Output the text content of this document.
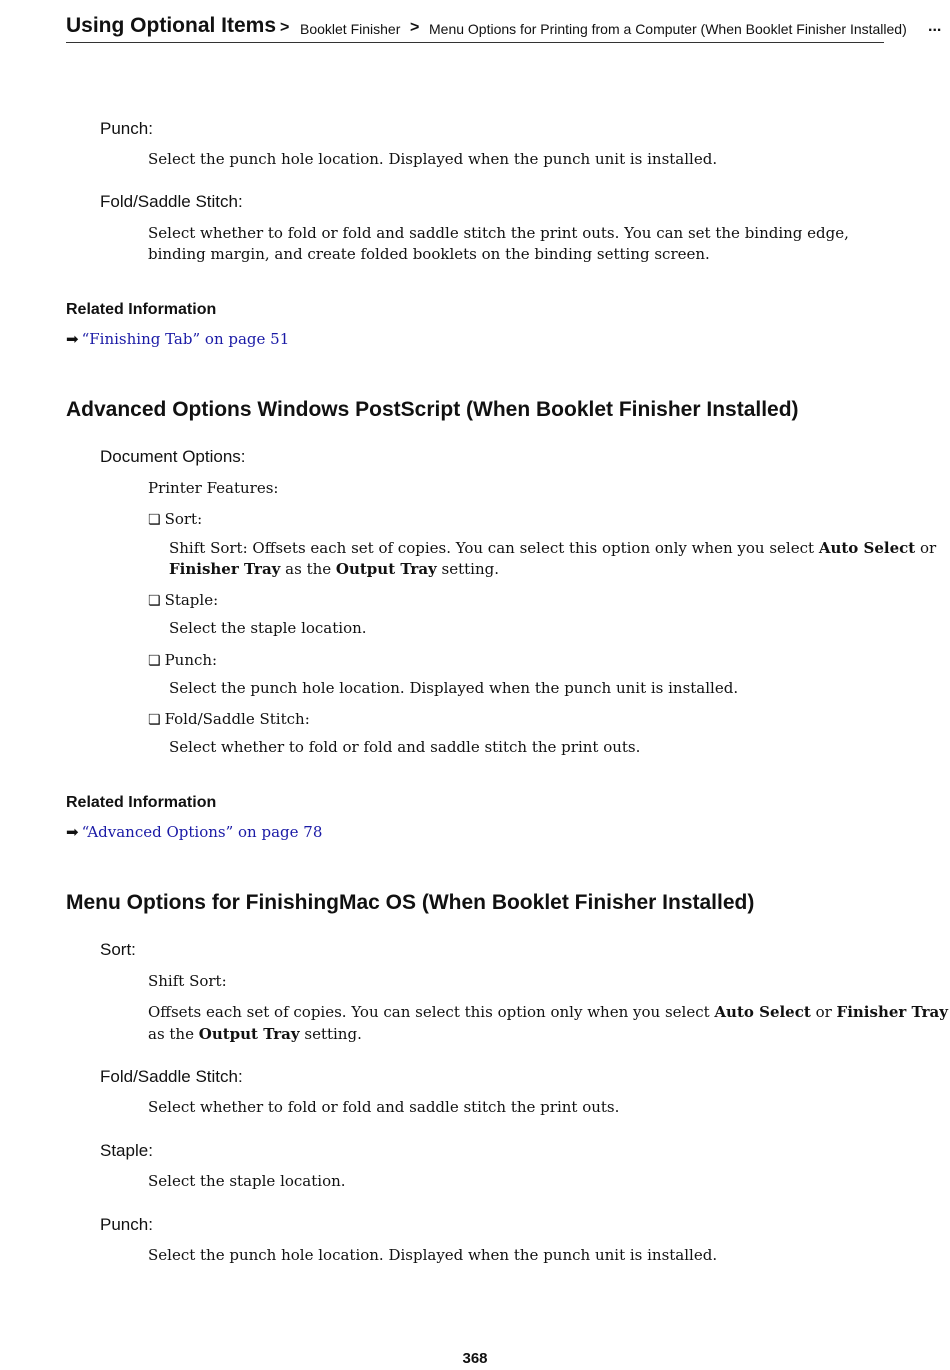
Using Optional Items > Booklet Finisher > Menu Options for Printing from a Computer (When Booklet Finisher Installed) ...
Punch:
Select the punch hole location. Displayed when the punch unit is installed.
Fold/Saddle Stitch:
Select whether to fold or fold and saddle stitch the print outs. You can set the binding edge, binding margin, and create folded booklets on the binding setting screen.
Related Information
➡ “Finishing Tab” on page 51
Advanced Options Windows PostScript (When Booklet Finisher Installed)
Document Options:
Printer Features:
❏ Sort:
Shift Sort: Offsets each set of copies. You can select this option only when you select Auto Select or
Finisher Tray as the Output Tray setting.
❏ Staple:
Select the staple location.
❏ Punch:
Select the punch hole location. Displayed when the punch unit is installed.
❏ Fold/Saddle Stitch:
Select whether to fold or fold and saddle stitch the print outs.
Related Information
➡ “Advanced Options” on page 78
Menu Options for FinishingMac OS (When Booklet Finisher Installed)
Sort:
Shift Sort:
Offsets each set of copies. You can select this option only when you select Auto Select or Finisher Tray
as the Output Tray setting.
Fold/Saddle Stitch:
Select whether to fold or fold and saddle stitch the print outs.
Staple:
Select the staple location.
Punch:
Select the punch hole location. Displayed when the punch unit is installed.
368
